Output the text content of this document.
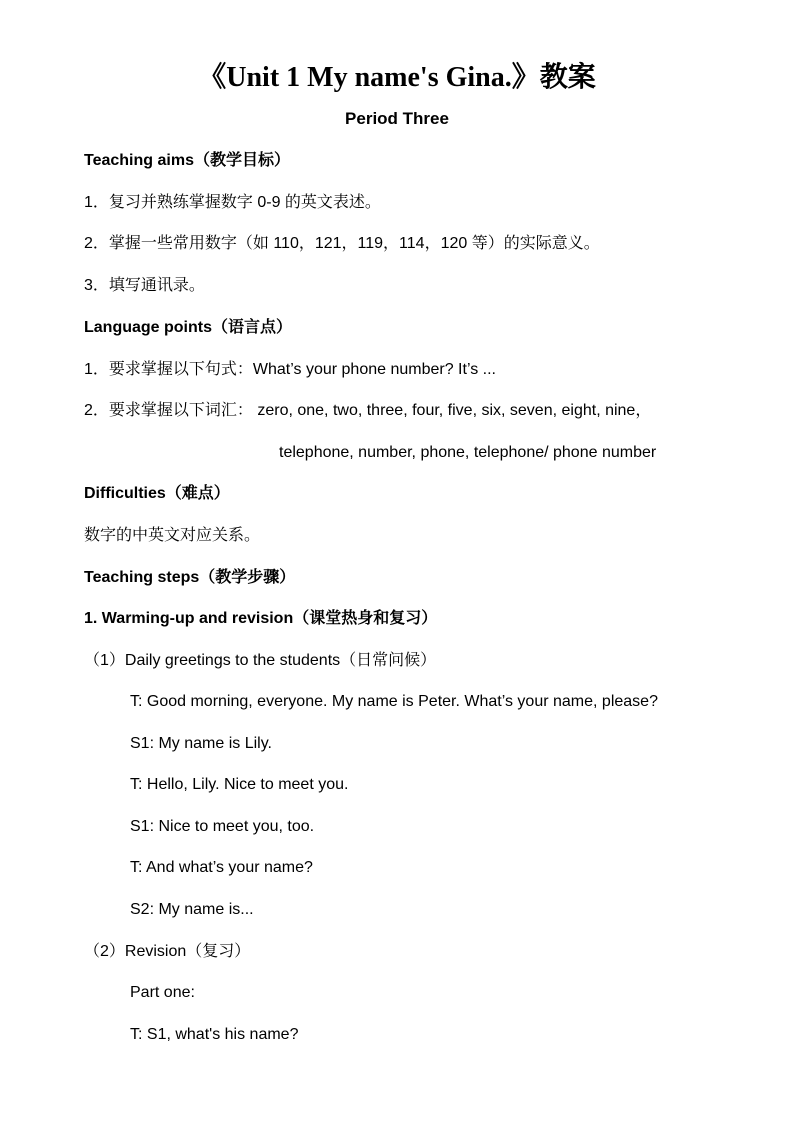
《Unit 1 My name's Gina.》教案
Period Three
Teaching aims（教学目标）
1．复习并熟练掌握数字 0-9 的英文表述。
2．掌握一些常用数字（如 110，121，119，114，120 等）的实际意义。
3．填写通讯录。
Language points（语言点）
1．要求掌握以下句式：What’s your phone number? It’s ...
2．要求掌握以下词汇： zero, one, two, three, four, five, six, seven, eight, nine，
telephone, number, phone, telephone/ phone number
Difficulties（难点）
数字的中英文对应关系。
Teaching steps（教学步骤）
1. Warming-up and revision（课堂热身和复习）
（1）Daily greetings to the students（日常问候）
T: Good morning, everyone. My name is Peter. What’s your name, please?
S1: My name is Lily.
T: Hello, Lily. Nice to meet you.
S1: Nice to meet you, too.
T: And what’s your name?
S2: My name is...
（2）Revision（复习）
Part one:
T: S1, what's his name?
